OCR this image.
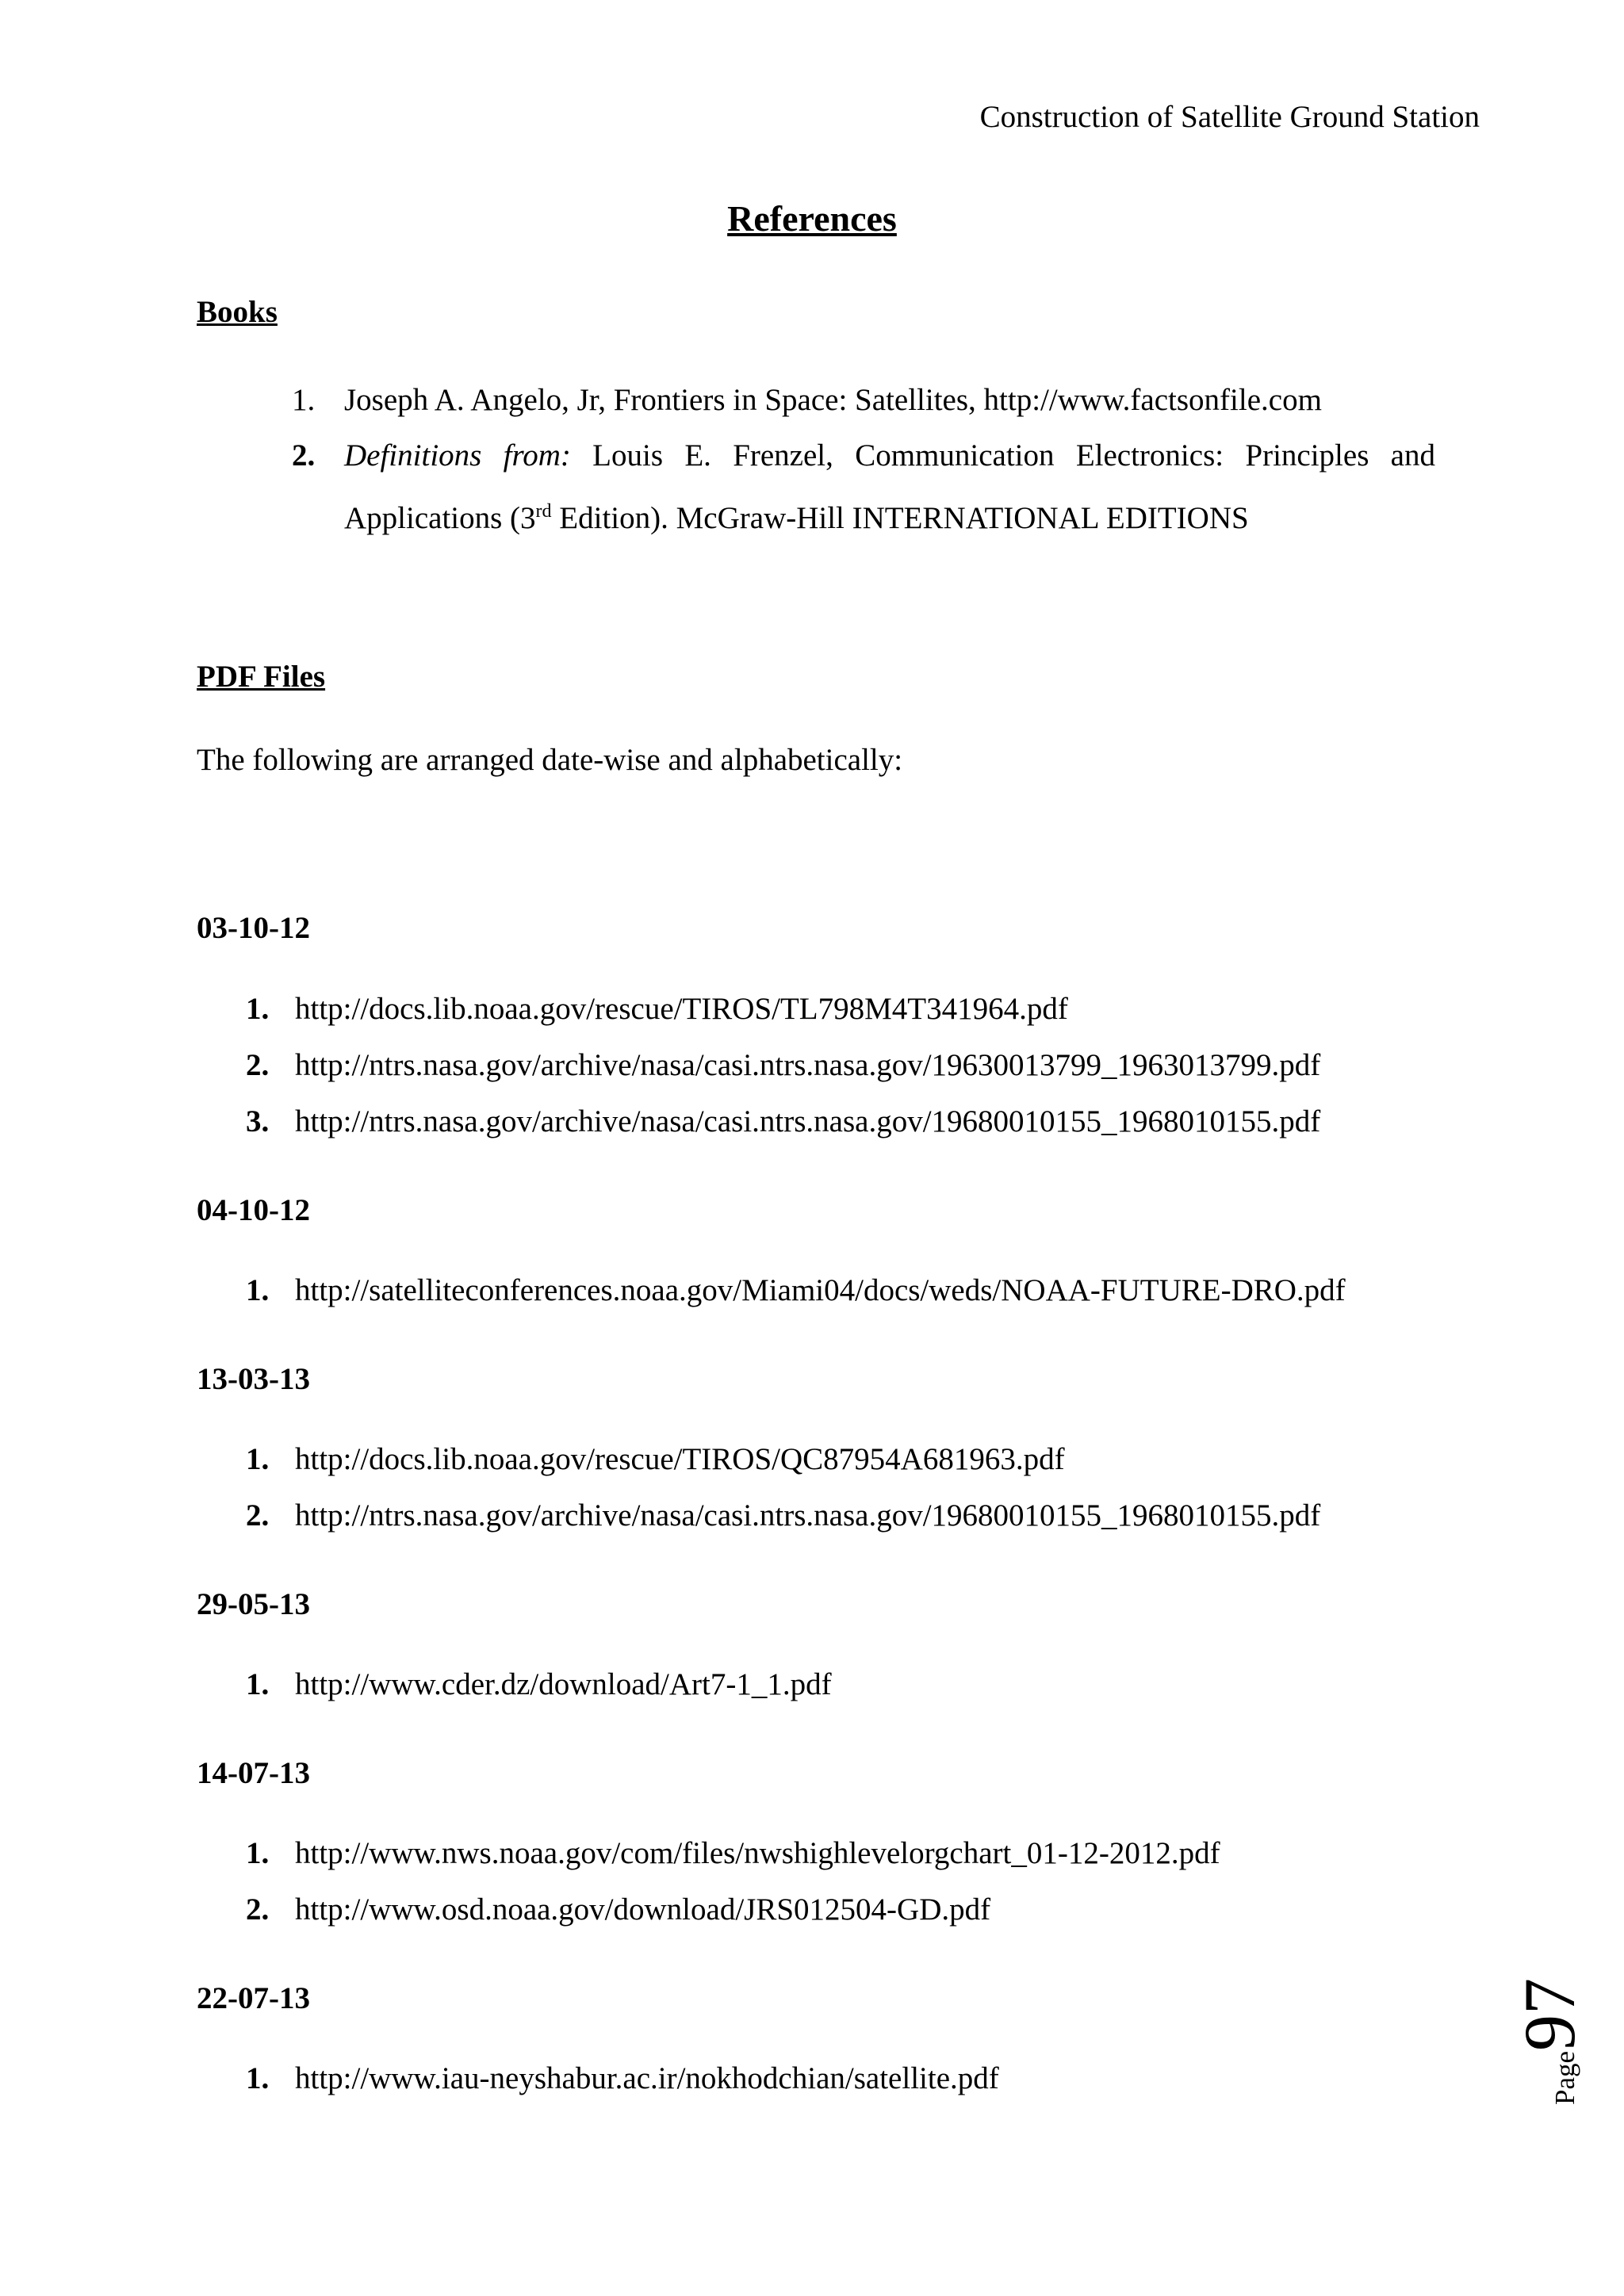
Construction of Satellite Ground Station
References
Books
1. Joseph A. Angelo, Jr, Frontiers in Space: Satellites, http://www.factsonfile.com
2. Definitions from: Louis E. Frenzel, Communication Electronics: Principles and Applications (3rd Edition). McGraw-Hill INTERNATIONAL EDITIONS
PDF Files
The following are arranged date-wise and alphabetically:
03-10-12
1. http://docs.lib.noaa.gov/rescue/TIROS/TL798M4T341964.pdf
2. http://ntrs.nasa.gov/archive/nasa/casi.ntrs.nasa.gov/19630013799_1963013799.pdf
3. http://ntrs.nasa.gov/archive/nasa/casi.ntrs.nasa.gov/19680010155_1968010155.pdf
04-10-12
1. http://satelliteconferences.noaa.gov/Miami04/docs/weds/NOAA-FUTURE-DRO.pdf
13-03-13
1. http://docs.lib.noaa.gov/rescue/TIROS/QC87954A681963.pdf
2. http://ntrs.nasa.gov/archive/nasa/casi.ntrs.nasa.gov/19680010155_1968010155.pdf
29-05-13
1. http://www.cder.dz/download/Art7-1_1.pdf
14-07-13
1. http://www.nws.noaa.gov/com/files/nwshighlevelorgchart_01-12-2012.pdf
2. http://www.osd.noaa.gov/download/JRS012504-GD.pdf
22-07-13
1. http://www.iau-neyshabur.ac.ir/nokhodchian/satellite.pdf	Page
97
